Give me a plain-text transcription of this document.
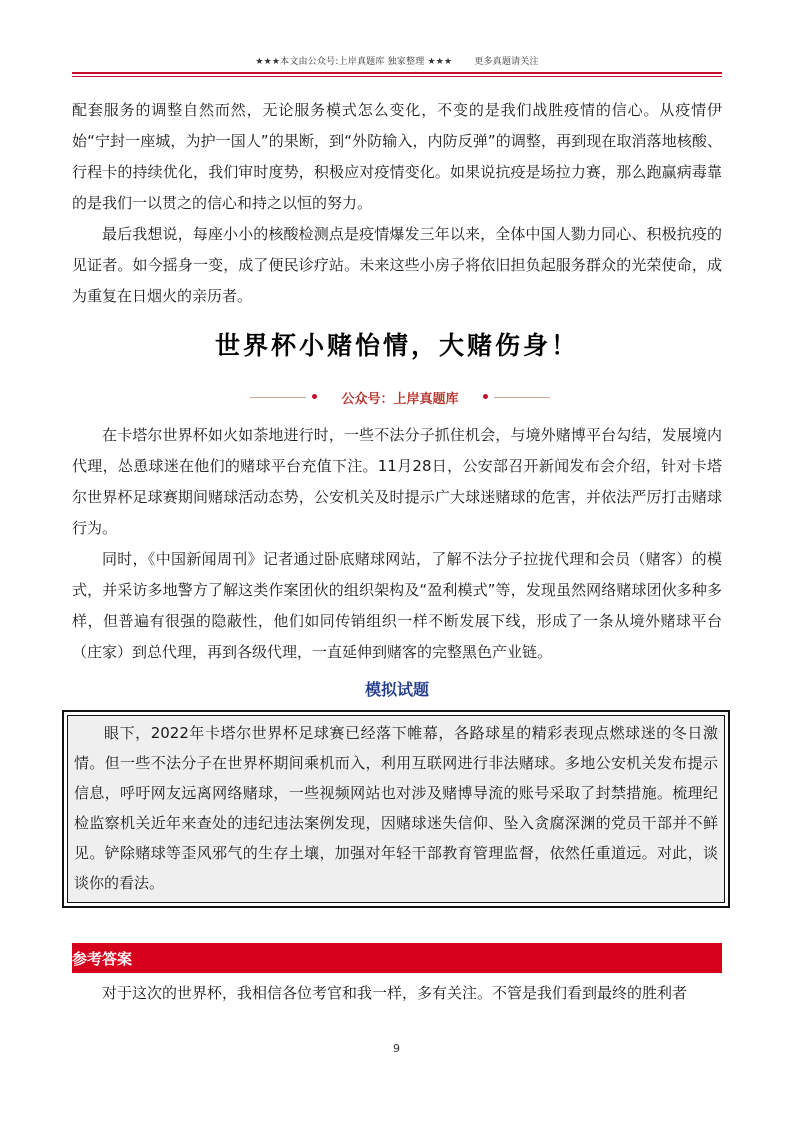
★★★本文由公众号:上岸真题库 独家整理 ★★★ 更多真题请关注

配套服务的调整自然而然，无论服务模式怎么变化，不变的是我们战胜疫情的信心。从疫情伊始“宁封一座城，为护一国人”的果断，到“外防输入，内防反弹”的调整，再到现在取消落地核酸、行程卡的持续优化，我们审时度势，积极应对疫情变化。如果说抗疫是场拉力赛，那么跑赢病毒靠的是我们一以贯之的信心和持之以恒的努力。

最后我想说，每座小小的核酸检测点是疫情爆发三年以来，全体中国人勠力同心、积极抗疫的见证者。如今摇身一变，成了便民诊疗站。未来这些小房子将依旧担负起服务群众的光荣使命，成为重复在日烟火的亲历者。

世界杯小赌怡情，大赌伤身！
公众号：上岸真题库

在卡塔尔世界杯如火如荼地进行时，一些不法分子抓住机会，与境外赌博平台勾结，发展境内代理，怂恿球迷在他们的赌球平台充值下注。11月28日，公安部召开新闻发布会介绍，针对卡塔尔世界杯足球赛期间赌球活动态势，公安机关及时提示广大球迷赌球的危害，并依法严厉打击赌球行为。

同时，《中国新闻周刊》记者通过卧底赌球网站，了解不法分子拉拢代理和会员（赌客）的模式，并采访多地警方了解这类作案团伙的组织架构及“盈利模式”等，发现虽然网络赌球团伙多种多样，但普遍有很强的隐蔽性，他们如同传销组织一样不断发展下线，形成了一条从境外赌球平台（庄家）到总代理，再到各级代理，一直延伸到赌客的完整黑色产业链。

模拟试题

眼下，2022年卡塔尔世界杯足球赛已经落下帷幕，各路球星的精彩表现点燃球迷的冬日激情。但一些不法分子在世界杯期间乘机而入，利用互联网进行非法赌球。多地公安机关发布提示信息，呼吁网友远离网络赌球，一些视频网站也对涉及赌博导流的账号采取了封禁措施。梳理纪检监察机关近年来查处的违纪违法案例发现，因赌球迷失信仰、坠入贪腐深渊的党员干部并不鲜见。铲除赌球等歪风邪气的生存土壤，加强对年轻干部教育管理监督，依然任重道远。对此，谈谈你的看法。

参考答案

对于这次的世界杯，我相信各位考官和我一样，多有关注。不管是我们看到最终的胜利者

9
